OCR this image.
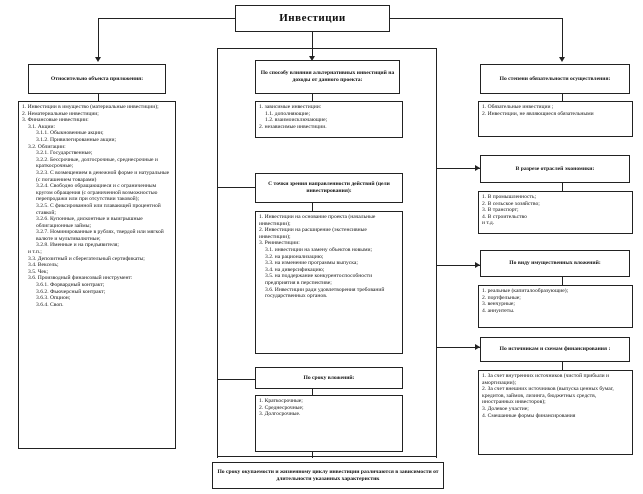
Инвестиции
Относительно объекта приложения:
1. Инвестиции в имущество (материальные инвестиции);
2. Нематериальные инвестиции;
3. Финансовые инвестиции:
3.1. Акции:
3.1.1. Обыкновенные акции;
3.1.2. Привилегированные акции;
3.2. Облигации:
3.2.1. Государственные;
3.2.2. Бессрочные, долгосрочные, среднесрочные и краткосрочные;
3.2.3. С возмещением в денежной форме и натуральные (с погашением товарами)
3.2.4. Свободно обращающиеся и с ограниченным кругом обращения (с ограниченной возможностью перепродажи или при отсутствии таковой);
3.2.5. С фиксированной или плавающей процентной ставкой;
3.2.6. Купонные, дисконтные и выигрышные облигационные займы;
3.2.7. Номинированные в рублях, твердой или мягкой валюте и мультивалютные;
3.2.8. Именные и на предъявителя;
и т.п.;
3.3. Депозитный и сберегательный сертификаты;
3.4. Вексель;
3.5. Чек;
3.6. Производный финансовый инструмент:
3.6.1. Форвардный контракт;
3.6.2. Фьючерсный контракт;
3.6.3. Опцион;
3.6.4. Своп.
По способу влияния альтернативных инвестиций на доходы от данного проекта:
1. зависимые инвестиции:
1.1. дополняющие;
1.2. взаимоисключающие;
2. независимые инвестиции.
С точки зрения направленности действий (цели инвестирования):
1. Инвестиции на основание проекта (начальные инвестиции);
2. Инвестиции на расширение (экстенсивные инвестиции);
3. Реинвестиции:
3.1. инвестиции на замену объектов новыми;
3.2. на рационализацию;
3.3. на изменение программы выпуска;
3.4. на диверсификацию;
3.5. на поддержание конкурентоспособности предприятия в перспективе;
3.6. Инвестиции ради удовлетворения требований государственных органов.
По сроку вложений:
1. Краткосрочные;
2. Среднесрочные;
3. Долгосрочные.
По степени обязательности осуществления:
1. Обязательные инвестиции ;
2. Инвестиции, не являющиеся обязательными
В разрезе отраслей экономики:
1. В промышленность;
2. В сельское хозяйство;
3. В транспорт;
4. В строительство
и т.д.
По виду имущественных вложений:
1. реальные (капиталообразующие);
2. портфельные;
3. венчурные;
4. аннуитеты.
По источникам и схемам финансирования :
1. За счет внутренних источников (чистой прибыли и амортизации);
2. За счет внешних источников (выпуска ценных бумаг, кредитов, займов, лизинга, бюджетных средств, иностранных инвесторов);
3. Долевое участие;
4. Смешанные формы финансирования
По сроку окупаемости и жизненному циклу инвестиции различаются в зависимости от длительности указанных характеристик
